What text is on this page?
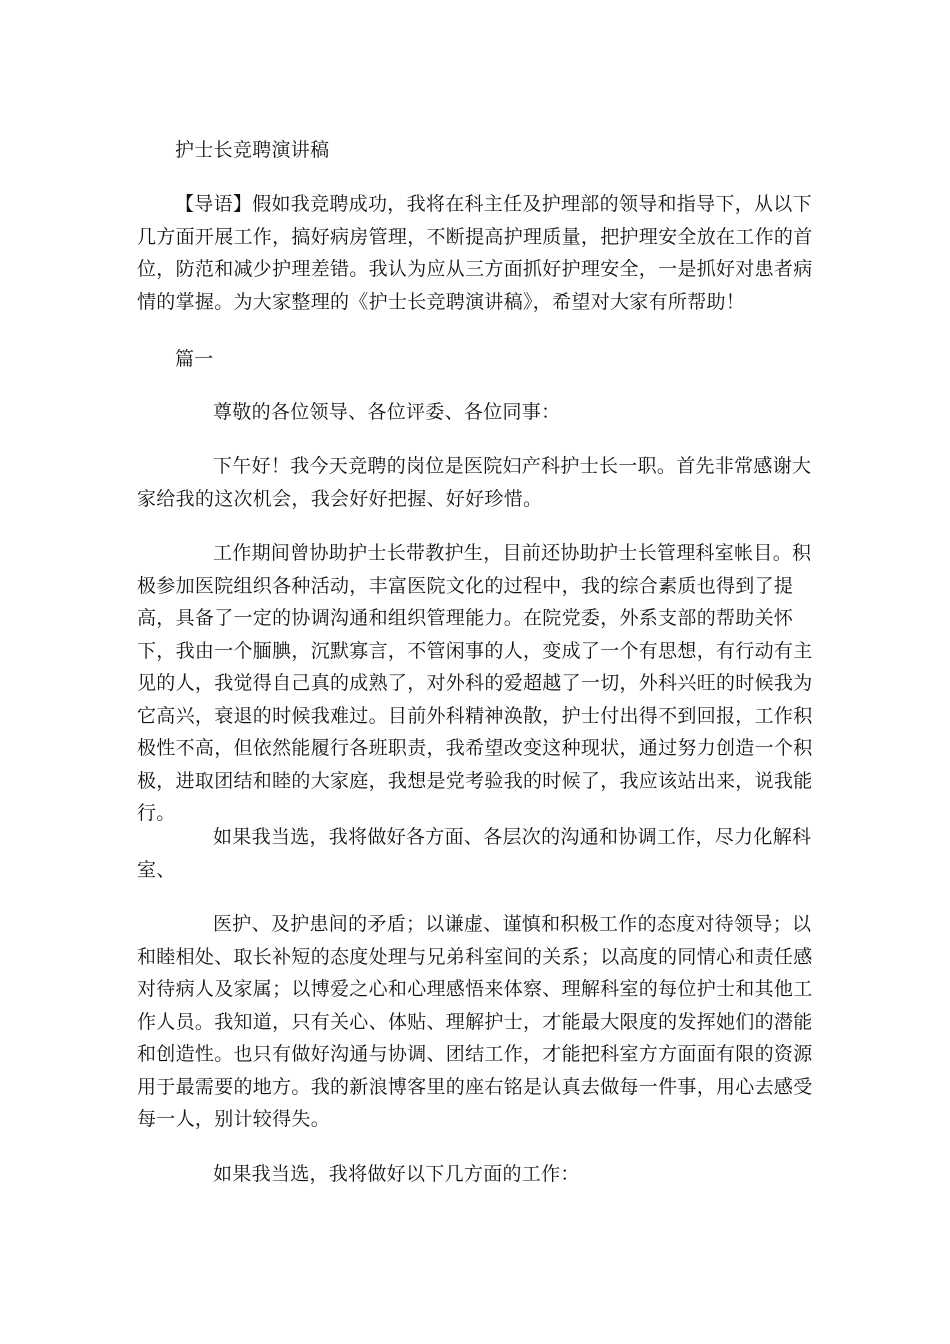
护士长竞聘演讲稿

【导语】假如我竞聘成功，我将在科主任及护理部的领导和指导下，从以下几方面开展工作，搞好病房管理，不断提高护理质量，把护理安全放在工作的首位，防范和减少护理差错。我认为应从三方面抓好护理安全，一是抓好对患者病情的掌握。为大家整理的《护士长竞聘演讲稿》，希望对大家有所帮助！

篇一

尊敬的各位领导、各位评委、各位同事：

下午好！我今天竞聘的岗位是医院妇产科护士长一职。首先非常感谢大家给我的这次机会，我会好好把握、好好珍惜。

工作期间曾协助护士长带教护生，目前还协助护士长管理科室帐目。积极参加医院组织各种活动，丰富医院文化的过程中，我的综合素质也得到了提高，具备了一定的协调沟通和组织管理能力。在院党委，外系支部的帮助关怀下，我由一个腼腆，沉默寡言，不管闲事的人，变成了一个有思想，有行动有主见的人，我觉得自己真的成熟了，对外科的爱超越了一切，外科兴旺的时候我为它高兴，衰退的时候我难过。目前外科精神涣散，护士付出得不到回报，工作积极性不高，但依然能履行各班职责，我希望改变这种现状，通过努力创造一个积极，进取团结和睦的大家庭，我想是党考验我的时候了，我应该站出来，说我能行。

如果我当选，我将做好各方面、各层次的沟通和协调工作，尽力化解科室、

医护、及护患间的矛盾；以谦虚、谨慎和积极工作的态度对待领导；以和睦相处、取长补短的态度处理与兄弟科室间的关系；以高度的同情心和责任感对待病人及家属；以博爱之心和心理感悟来体察、理解科室的每位护士和其他工作人员。我知道，只有关心、体贴、理解护士，才能最大限度的发挥她们的潜能和创造性。也只有做好沟通与协调、团结工作，才能把科室方方面面有限的资源用于最需要的地方。我的新浪博客里的座右铭是认真去做每一件事，用心去感受每一人，别计较得失。

如果我当选，我将做好以下几方面的工作：
